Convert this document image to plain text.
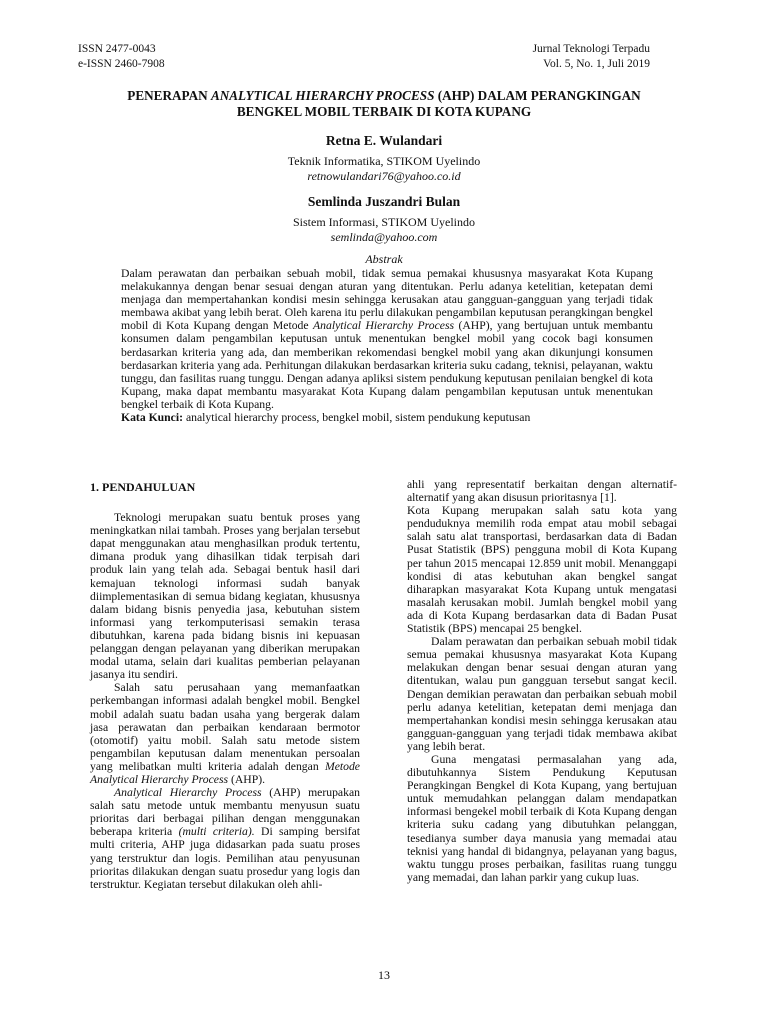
ISSN 2477-0043
e-ISSN 2460-7908
Jurnal Teknologi Terpadu
Vol. 5, No. 1, Juli 2019
PENERAPAN ANALYTICAL HIERARCHY PROCESS (AHP) DALAM PERANGKINGAN
BENGKEL MOBIL TERBAIK DI KOTA KUPANG
Retna E. Wulandari
Teknik Informatika, STIKOM Uyelindo
retnowulandari76@yahoo.co.id
Semlinda Juszandri Bulan
Sistem Informasi, STIKOM Uyelindo
semlinda@yahoo.com
Abstrak

Dalam perawatan dan perbaikan sebuah mobil, tidak semua pemakai khususnya masyarakat Kota Kupang melakukannya dengan benar sesuai dengan aturan yang ditentukan. Perlu adanya ketelitian, ketepatan demi menjaga dan mempertahankan kondisi mesin sehingga kerusakan atau gangguan-gangguan yang terjadi tidak membawa akibat yang lebih berat. Oleh karena itu perlu dilakukan pengambilan keputusan perangkingan bengkel mobil di Kota Kupang dengan Metode Analytical Hierarchy Process (AHP), yang bertujuan untuk membantu konsumen dalam pengambilan keputusan untuk menentukan bengkel mobil yang cocok bagi konsumen berdasarkan kriteria yang ada, dan memberikan rekomendasi bengkel mobil yang akan dikunjungi konsumen berdasarkan kriteria yang ada. Perhitungan dilakukan berdasarkan kriteria suku cadang, teknisi, pelayanan, waktu tunggu, dan fasilitas ruang tunggu. Dengan adanya apliksi sistem pendukung keputusan penilaian bengkel di kota Kupang, maka dapat membantu masyarakat Kota Kupang dalam pengambilan keputusan untuk menentukan bengkel terbaik di Kota Kupang.

Kata Kunci: analytical hierarchy process, bengkel mobil, sistem pendukung keputusan

1. PENDAHULUAN

Teknologi merupakan suatu bentuk proses yang meningkatkan nilai tambah. Proses yang berjalan tersebut dapat menggunakan atau menghasilkan produk tertentu, dimana produk yang dihasilkan tidak terpisah dari produk lain yang telah ada. Sebagai bentuk hasil dari kemajuan teknologi informasi sudah banyak diimplementasikan di semua bidang kegiatan, khususnya dalam bidang bisnis penyedia jasa, kebutuhan sistem informasi yang terkomputerisasi semakin terasa dibutuhkan, karena pada bidang bisnis ini kepuasan pelanggan dengan pelayanan yang diberikan merupakan modal utama, selain dari kualitas pemberian pelayanan jasanya itu sendiri.

Salah satu perusahaan yang memanfaatkan perkembangan informasi adalah bengkel mobil. Bengkel mobil adalah suatu badan usaha yang bergerak dalam jasa perawatan dan perbaikan kendaraan bermotor (otomotif) yaitu mobil. Salah satu metode sistem pengambilan keputusan dalam menentukan persoalan yang melibatkan multi kriteria adalah dengan Metode Analytical Hierarchy Process (AHP).

Analytical Hierarchy Process (AHP) merupakan salah satu metode untuk membantu menyusun suatu prioritas dari berbagai pilihan dengan menggunakan beberapa kriteria (multi criteria). Di samping bersifat multi criteria, AHP juga didasarkan pada suatu proses yang terstruktur dan logis. Pemilihan atau penyusunan prioritas dilakukan dengan suatu prosedur yang logis dan terstruktur. Kegiatan tersebut dilakukan oleh ahli-

ahli yang representatif berkaitan dengan alternatif-alternatif yang akan disusun prioritasnya [1].

Kota Kupang merupakan salah satu kota yang penduduknya memilih roda empat atau mobil sebagai salah satu alat transportasi, berdasarkan data di Badan Pusat Statistik (BPS) pengguna mobil di Kota Kupang per tahun 2015 mencapai 12.859 unit mobil. Menanggapi kondisi di atas kebutuhan akan bengkel sangat diharapkan masyarakat Kota Kupang untuk mengatasi masalah kerusakan mobil. Jumlah bengkel mobil yang ada di Kota Kupang berdasarkan data di Badan Pusat Statistik (BPS) mencapai 25 bengkel.

Dalam perawatan dan perbaikan sebuah mobil tidak semua pemakai khususnya masyarakat Kota Kupang melakukan dengan benar sesuai dengan aturan yang ditentukan, walau pun gangguan tersebut sangat kecil. Dengan demikian perawatan dan perbaikan sebuah mobil perlu adanya ketelitian, ketepatan demi menjaga dan mempertahankan kondisi mesin sehingga kerusakan atau gangguan-gangguan yang terjadi tidak membawa akibat yang lebih berat.

Guna mengatasi permasalahan yang ada, dibutuhkannya Sistem Pendukung Keputusan Perangkingan Bengkel di Kota Kupang, yang bertujuan untuk memudahkan pelanggan dalam mendapatkan informasi bengekel mobil terbaik di Kota Kupang dengan kriteria suku cadang yang dibutuhkan pelanggan, tesedianya sumber daya manusia yang memadai atau teknisi yang handal di bidangnya, pelayanan yang bagus, waktu tunggu proses perbaikan, fasilitas ruang tunggu yang memadai, dan lahan parkir yang cukup luas.

13
